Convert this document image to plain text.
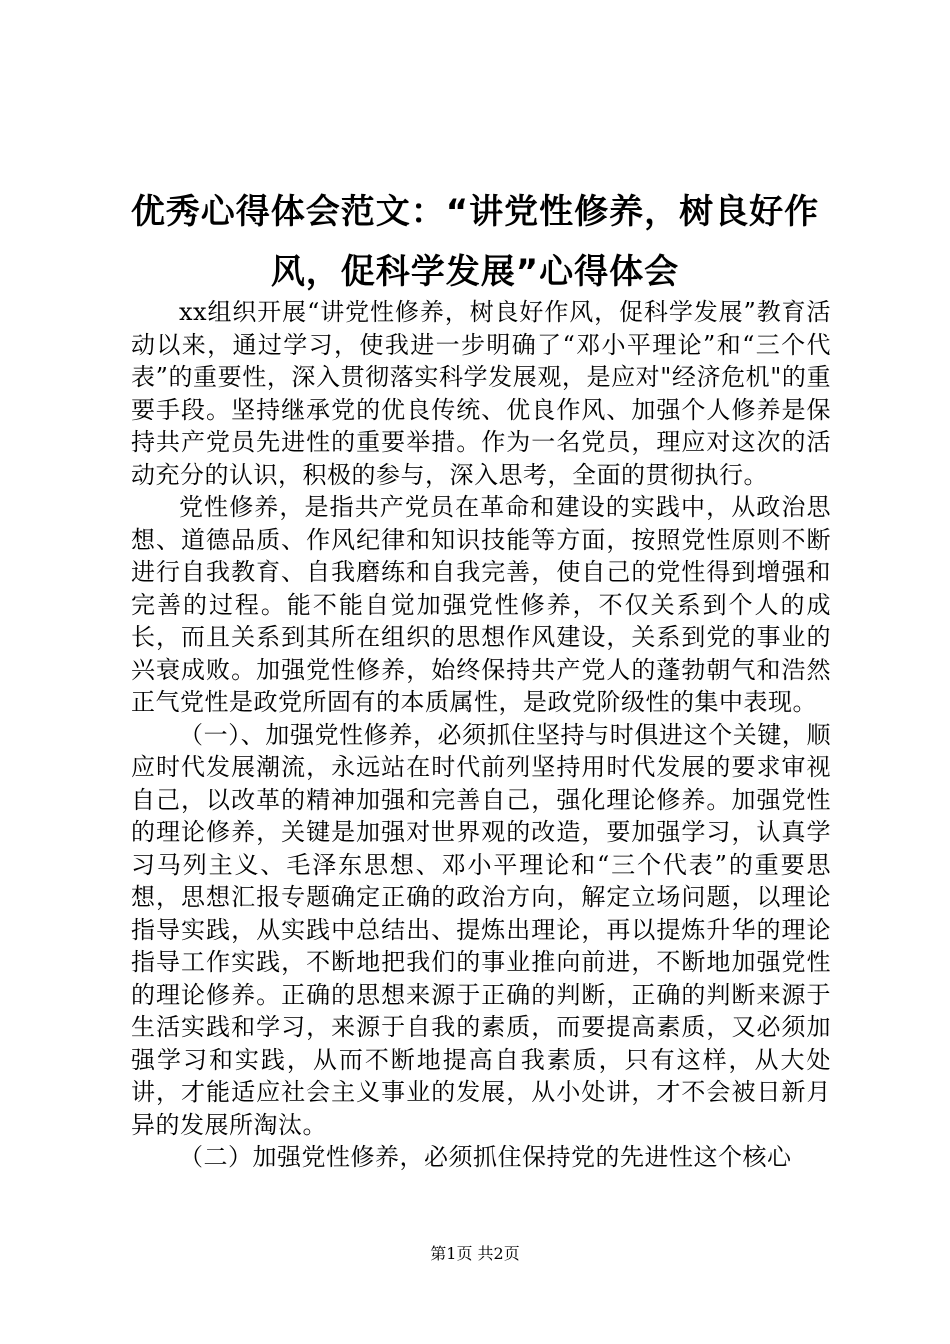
优秀心得体会范文：“讲党性修养，树良好作风，促科学发展”心得体会

xx组织开展“讲党性修养，树良好作风，促科学发展”教育活动以来，通过学习，使我进一步明确了“邓小平理论”和“三个代表”的重要性，深入贯彻落实科学发展观，是应对"经济危机"的重要手段。坚持继承党的优良传统、优良作风、加强个人修养是保持共产党员先进性的重要举措。作为一名党员，理应对这次的活动充分的认识，积极的参与，深入思考，全面的贯彻执行。

党性修养，是指共产党员在革命和建设的实践中，从政治思想、道德品质、作风纪律和知识技能等方面，按照党性原则不断进行自我教育、自我磨练和自我完善，使自己的党性得到增强和完善的过程。能不能自觉加强党性修养，不仅关系到个人的成长，而且关系到其所在组织的思想作风建设，关系到党的事业的兴衰成败。加强党性修养，始终保持共产党人的蓬勃朝气和浩然正气党性是政党所固有的本质属性，是政党阶级性的集中表现。

（一）、加强党性修养，必须抓住坚持与时俱进这个关键，顺应时代发展潮流，永远站在时代前列坚持用时代发展的要求审视自己，以改革的精神加强和完善自己，强化理论修养。加强党性的理论修养，关键是加强对世界观的改造，要加强学习，认真学习马列主义、毛泽东思想、邓小平理论和“三个代表”的重要思想，思想汇报专题确定正确的政治方向，解定立场问题，以理论指导实践，从实践中总结出、提炼出理论，再以提炼升华的理论指导工作实践，不断地把我们的事业推向前进，不断地加强党性的理论修养。正确的思想来源于正确的判断，正确的判断来源于生活实践和学习，来源于自我的素质，而要提高素质，又必须加强学习和实践，从而不断地提高自我素质，只有这样，从大处讲，才能适应社会主义事业的发展，从小处讲，才不会被日新月异的发展所淘汰。

（二）加强党性修养，必须抓住保持党的先进性这个核心

第1页 共2页
